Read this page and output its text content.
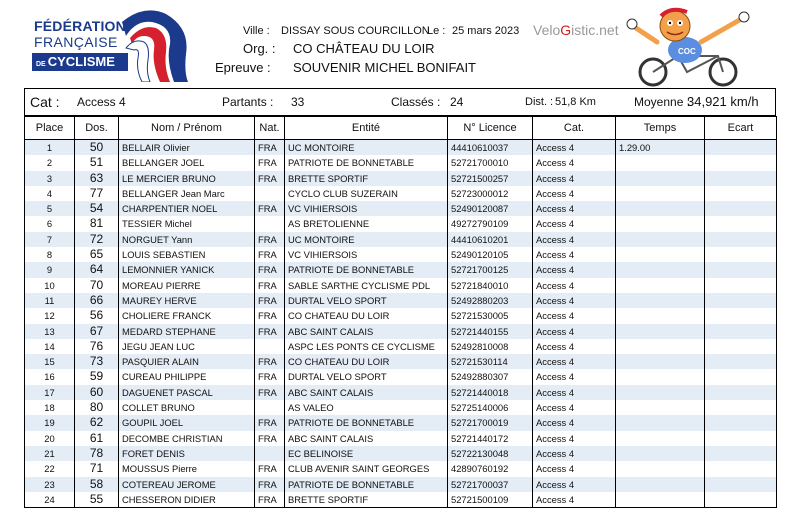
FÉDÉRATION
FRANÇAISE
DE CYCLISME
Ville : DISSAY SOUS COURCILLON
Le : 25 mars 2023 VeloGistic.net
Org. : CO CHÂTEAU DU LOIR
Epreuve : SOUVENIR MICHEL BONIFAIT
COC
Cat : Access 4	Partants : 33	Classés : 24	Dist. : 51,8 Km	Moyenne :
34,921 km/h
Place	Dos.	Nom / Prénom	Nat.	Entité	N° Licence	Cat.	Temps	Ecart
1	50	BELLAIR Olivier	FRA	UC MONTOIRE	44410610037	Access 4	1.29.00	
2	51	BELLANGER JOEL	FRA	PATRIOTE DE BONNETABLE	52721700010	Access 4		
3	63	LE MERCIER BRUNO	FRA	BRETTE SPORTIF	52721500257	Access 4		
4	77	BELLANGER Jean Marc		CYCLO CLUB SUZERAIN	52723000012	Access 4		
5	54	CHARPENTIER NOEL	FRA	VC VIHIERSOIS	52490120087	Access 4		
6	81	TESSIER Michel		AS BRETOLIENNE	49272790109	Access 4		
7	72	NORGUET Yann	FRA	UC MONTOIRE	44410610201	Access 4		
8	65	LOUIS SEBASTIEN	FRA	VC VIHIERSOIS	52490120105	Access 4		
9	64	LEMONNIER YANICK	FRA	PATRIOTE DE BONNETABLE	52721700125	Access 4		
10	70	MOREAU PIERRE	FRA	SABLE SARTHE CYCLISME PDL	52721840010	Access 4		
11	66	MAUREY HERVE	FRA	DURTAL VELO SPORT	52492880203	Access 4		
12	56	CHOLIERE FRANCK	FRA	CO CHATEAU DU LOIR	52721530005	Access 4		
13	67	MEDARD STEPHANE	FRA	ABC SAINT CALAIS	52721440155	Access 4		
14	76	JEGU JEAN LUC		ASPC LES PONTS CE CYCLISME	52492810008	Access 4		
15	73	PASQUIER ALAIN	FRA	CO CHATEAU DU LOIR	52721530114	Access 4		
16	59	CUREAU PHILIPPE	FRA	DURTAL VELO SPORT	52492880307	Access 4		
17	60	DAGUENET PASCAL	FRA	ABC SAINT CALAIS	52721440018	Access 4		
18	80	COLLET BRUNO		AS VALEO	52725140006	Access 4		
19	62	GOUPIL JOEL	FRA	PATRIOTE DE BONNETABLE	52721700019	Access 4		
20	61	DECOMBE CHRISTIAN	FRA	ABC SAINT CALAIS	52721440172	Access 4		
21	78	FORET DENIS		EC BELINOISE	52722130048	Access 4		
22	71	MOUSSUS Pierre	FRA	CLUB AVENIR SAINT GEORGES	42890760192	Access 4		
23	58	COTEREAU JEROME	FRA	PATRIOTE DE BONNETABLE	52721700037	Access 4		
24	55	CHESSERON DIDIER	FRA	BRETTE SPORTIF	52721500109	Access 4		
